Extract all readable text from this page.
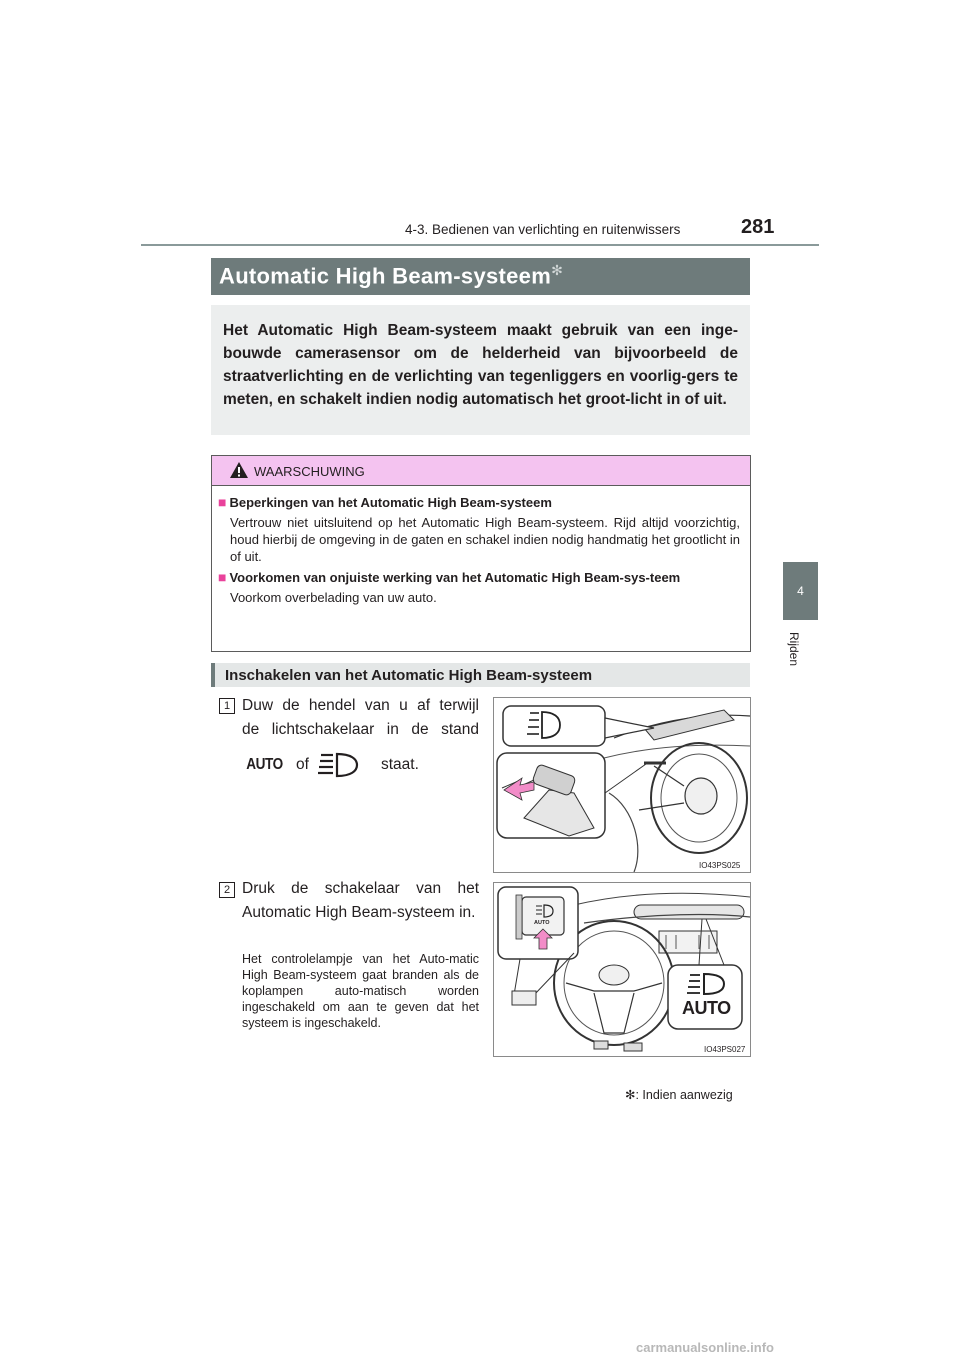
4-3. Bedienen van verlichting en ruitenwissers	281
4
Rijden
Automatic High Beam-systeem✻
Het Automatic High Beam-systeem maakt gebruik van een inge-bouwde camerasensor om de helderheid van bijvoorbeeld de straatverlichting en de verlichting van tegenliggers en voorlig-gers te meten, en schakelt indien nodig automatisch het groot-licht in of uit.
WAARSCHUWING

■ Beperkingen van het Automatic High Beam-systeem

Vertrouw niet uitsluitend op het Automatic High Beam-systeem. Rijd altijd voorzichtig, houd hierbij de omgeving in de gaten en schakel indien nodig handmatig het grootlicht in of uit.

■ Voorkomen van onjuiste werking van het Automatic High Beam-sys-teem

Voorkom overbelading van uw auto.

Inschakelen van het Automatic High Beam-systeem
1 Duw de hendel van u af terwijl
de lichtschakelaar in de stand
AUTO of	staat.
IO43PS025
2 Druk de schakelaar van het Automatic High Beam-systeem in.
Het controlelampje van het Auto-matic High Beam-systeem gaat branden als de koplampen auto-matisch worden ingeschakeld om aan te geven dat het systeem is ingeschakeld.
AUTO
AUTO
IO43PS027
✻: Indien aanwezig
carmanualsonline.info
